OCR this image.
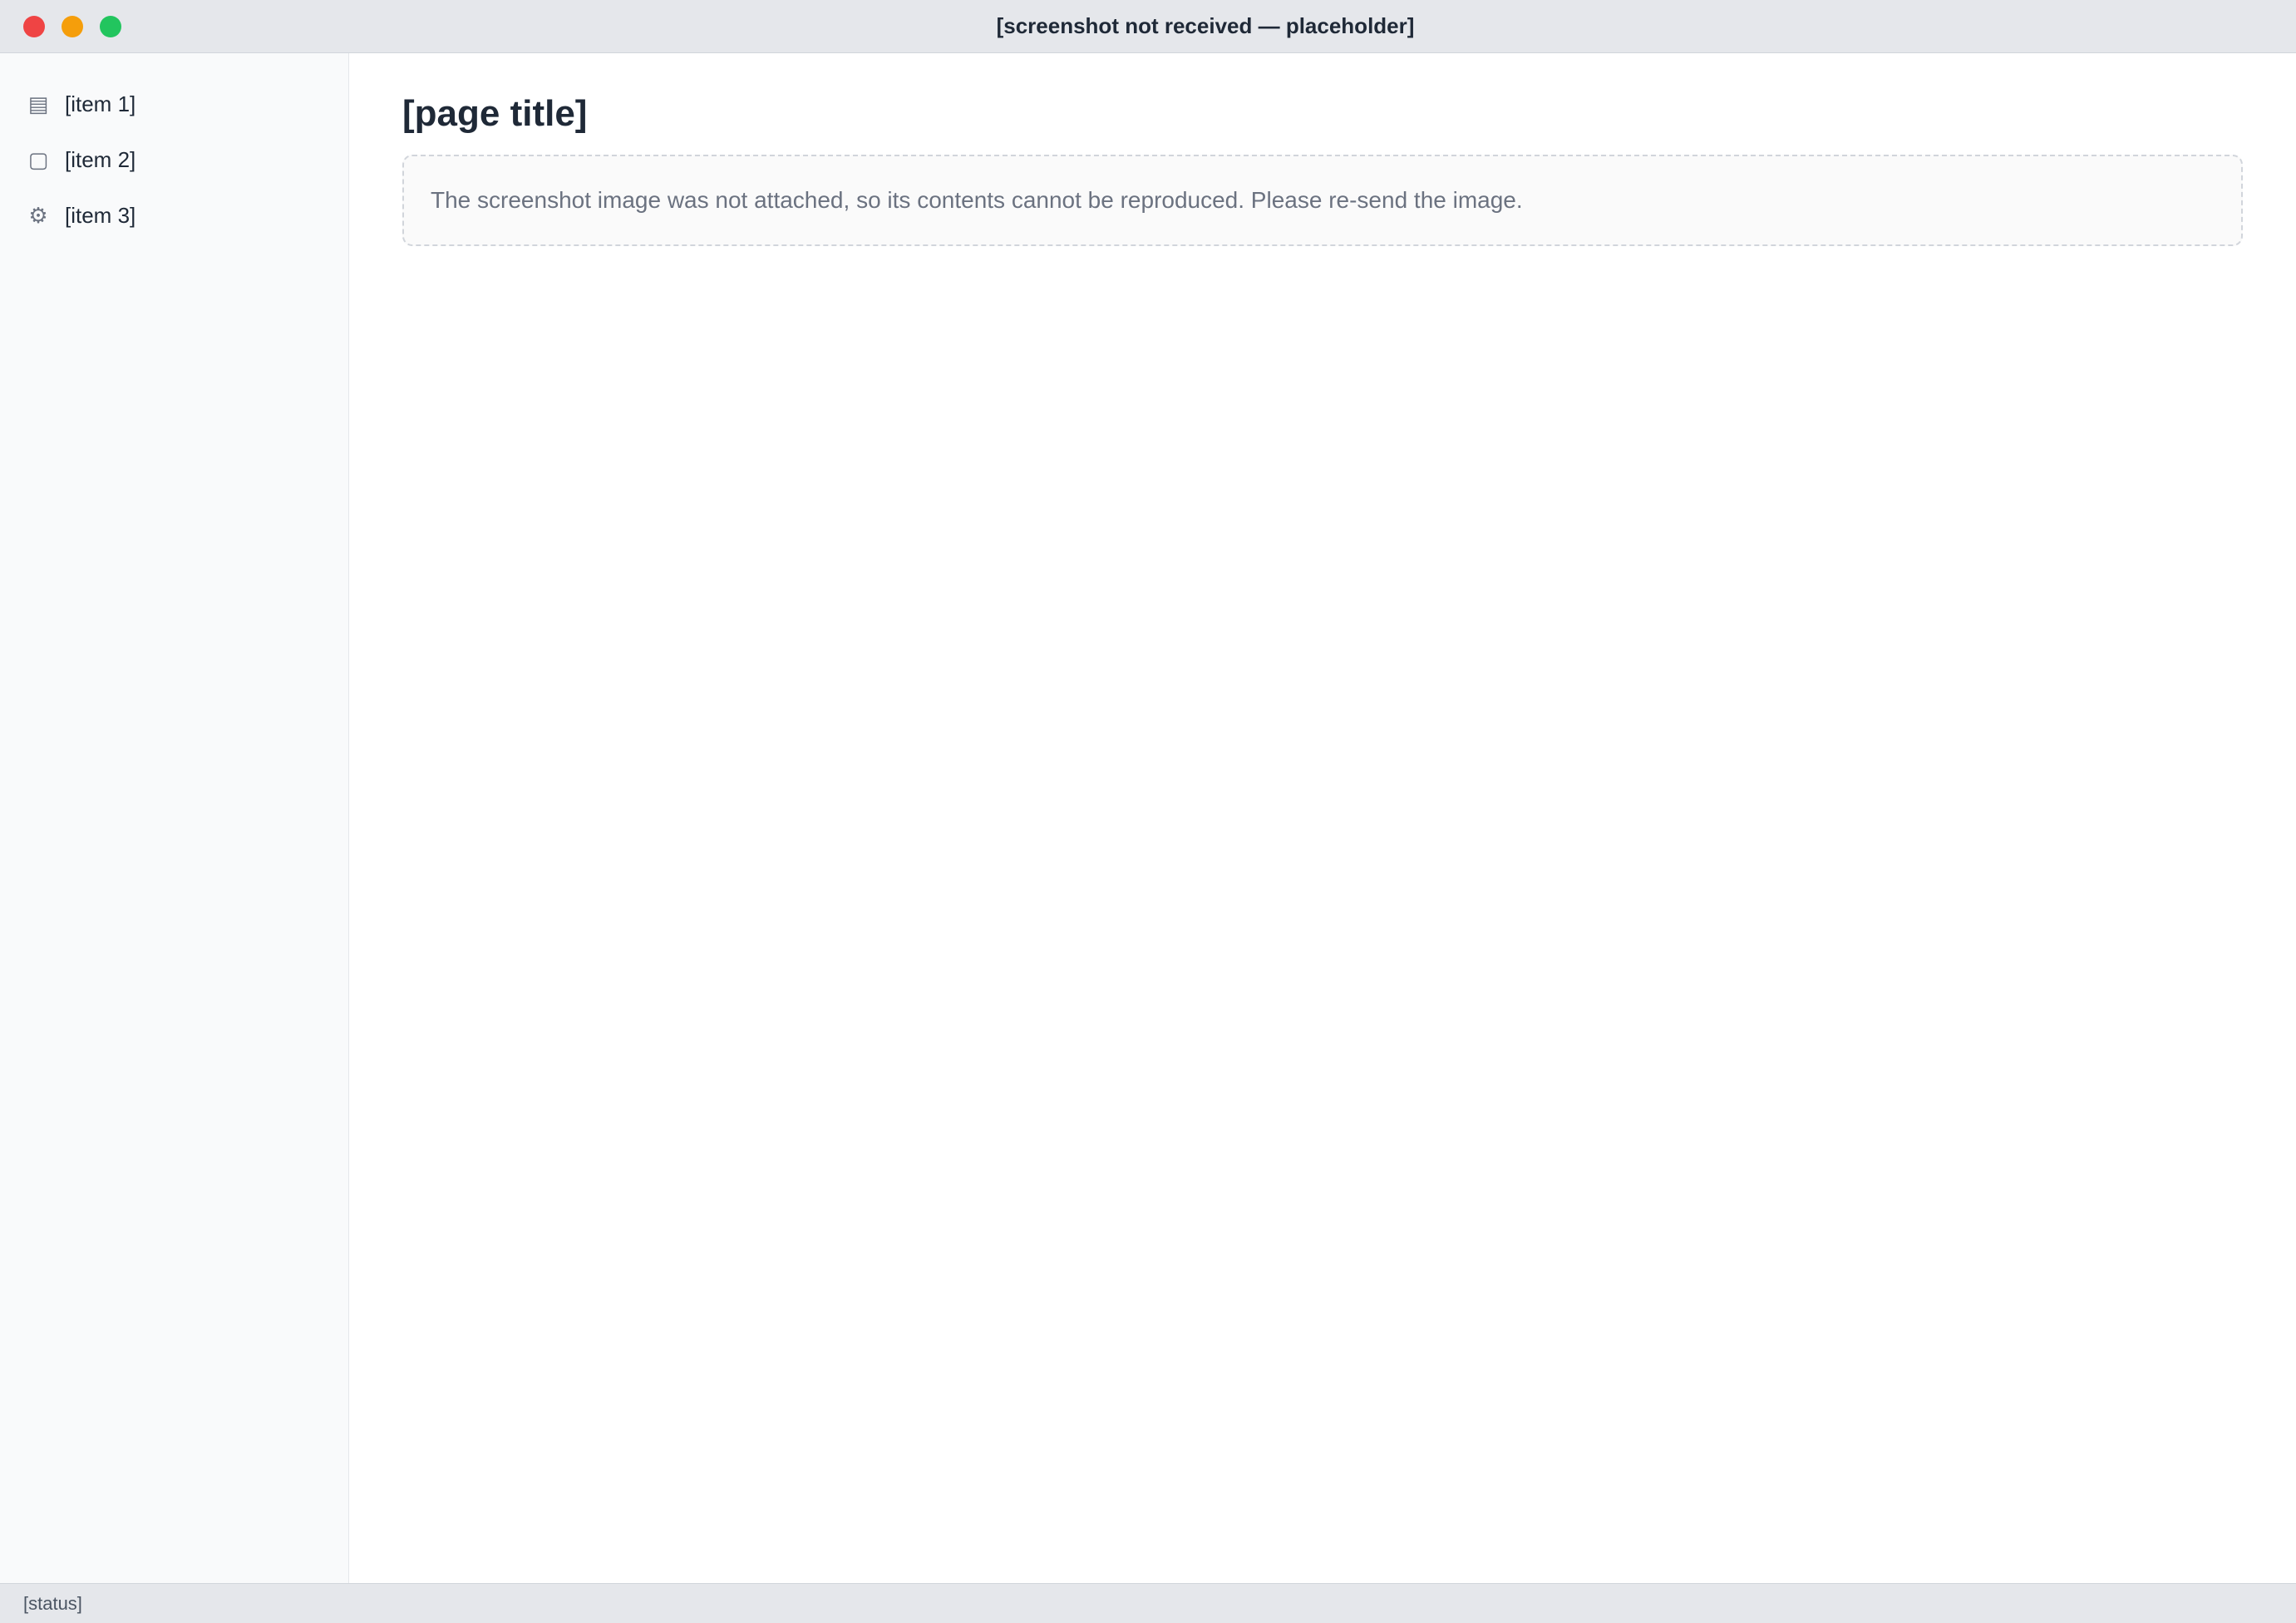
[screenshot not received — placeholder]
▤ [item 1]
▢ [item 2]
⚙ [item 3]
[page title]

The screenshot image was not attached, so its contents cannot be reproduced. Please re-send the image.

[status]
